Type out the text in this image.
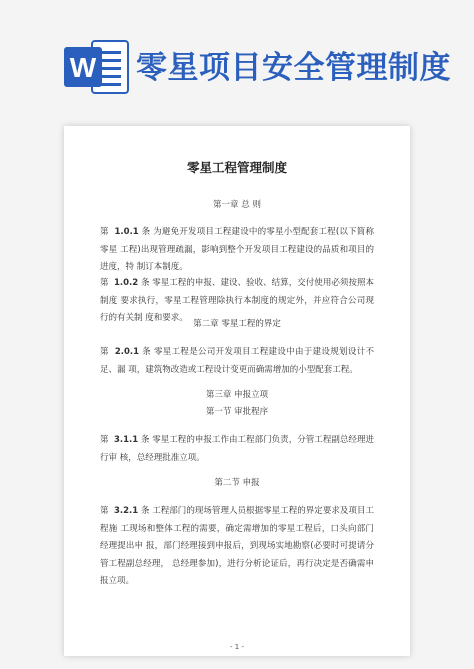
W 零星项目安全管理制度
零星工程管理制度
第一章 总 则
第 1.0.1 条 为避免开发项目工程建设中的零星小型配套工程(以下简称零星 工程)出现管理疏漏，影响到整个开发项目工程建设的品质和项目的进度，特 制订本制度。
第 1.0.2 条 零星工程的申报、建设、验收、结算，交付使用必须按照本制度 要求执行，零星工程管理除执行本制度的规定外，并应符合公司现行的有关制 度和要求。
第二章 零星工程的界定
第 2.0.1 条 零星工程是公司开发项目工程建设中由于建设规划设计不足、漏 项，建筑物改造或工程设计变更而确需增加的小型配套工程。
第三章 申报立项
第一节 审批程序
第 3.1.1 条 零星工程的申报工作由工程部门负责，分管工程副总经理进行审 核，总经理批准立项。
第二节 申报
第 3.2.1 条 工程部门的现场管理人员根据零星工程的界定要求及项目工程施 工现场和整体工程的需要，确定需增加的零星工程后，口头向部门经理提出申 报，部门经理接到申报后，到现场实地勘察(必要时可提请分管工程副总经理， 总经理参加)，进行分析论证后，再行决定是否确需申报立项。
- 1 -
